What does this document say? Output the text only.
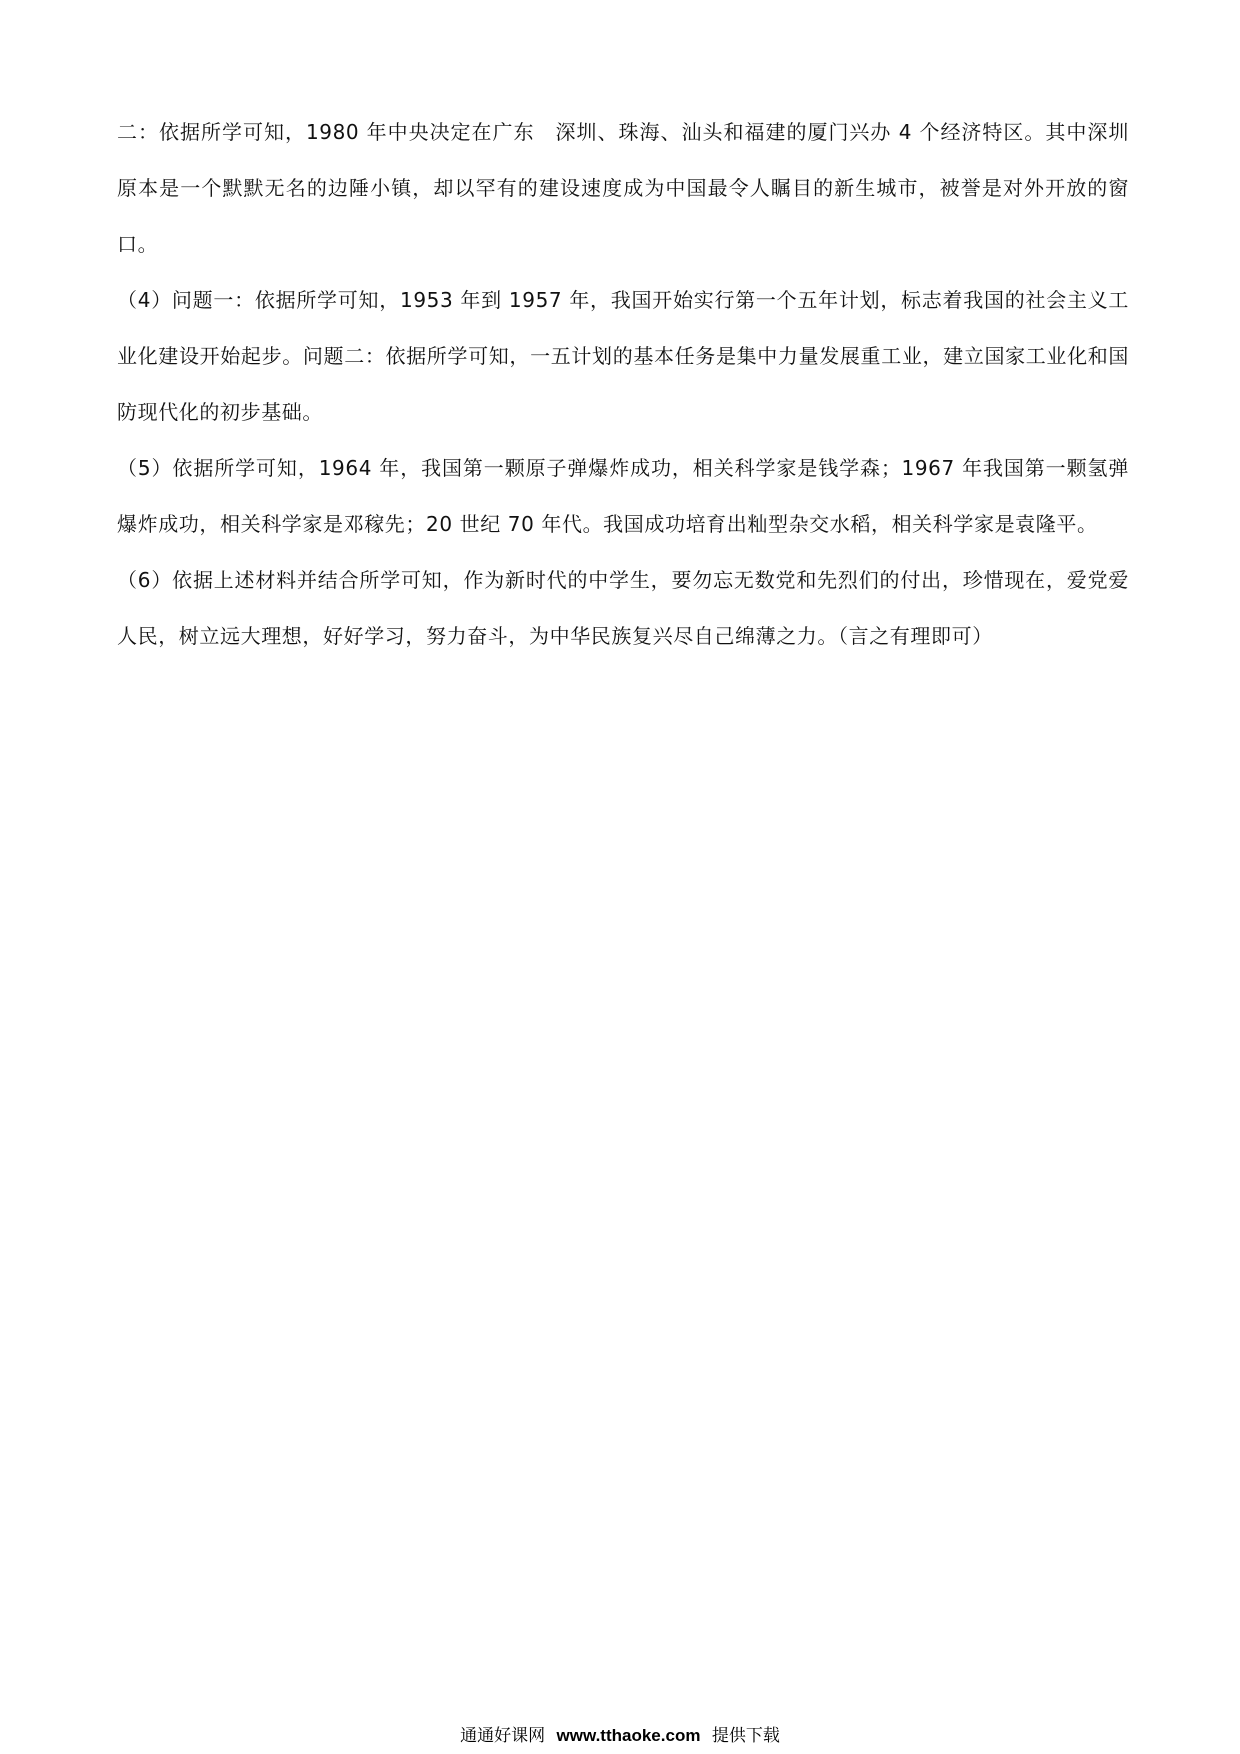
二：依据所学可知，1980 年中央决定在广东　深圳、珠海、汕头和福建的厦门兴办 4 个经济特区。其中深圳原本是一个默默无名的边陲小镇，却以罕有的建设速度成为中国最令人瞩目的新生城市，被誉是对外开放的窗口。

（4）问题一：依据所学可知，1953 年到 1957 年，我国开始实行第一个五年计划，标志着我国的社会主义工业化建设开始起步。问题二：依据所学可知，一五计划的基本任务是集中力量发展重工业，建立国家工业化和国防现代化的初步基础。

（5）依据所学可知，1964 年，我国第一颗原子弹爆炸成功，相关科学家是钱学森；1967 年我国第一颗氢弹爆炸成功，相关科学家是邓稼先；20 世纪 70 年代。我国成功培育出籼型杂交水稻，相关科学家是袁隆平。

（6）依据上述材料并结合所学可知，作为新时代的中学生，要勿忘无数党和先烈们的付出，珍惜现在，爱党爱人民，树立远大理想，好好学习，努力奋斗，为中华民族复兴尽自己绵薄之力。（言之有理即可）

通通好课网 www.tthaoke.com 提供下载
